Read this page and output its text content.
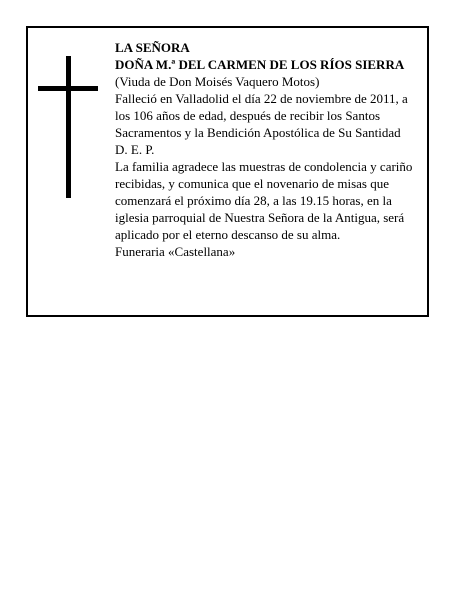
LA SEÑORA

DOÑA M.ª DEL CARMEN DE LOS RÍOS SIERRA

(Viuda de Don Moisés Vaquero Motos)

Falleció en Valladolid el día 22 de noviembre de 2011, a los 106 años de edad, después de recibir los Santos Sacramentos y la Bendición Apostólica de Su Santidad

D. E. P.

La familia agradece las muestras de condolencia y cariño recibidas, y comunica que el novenario de misas que comenzará el próximo día 28, a las 19.15 horas, en la iglesia parroquial de Nuestra Señora de la Antigua, será aplicado por el eterno descanso de su alma.

Funeraria «Castellana»
